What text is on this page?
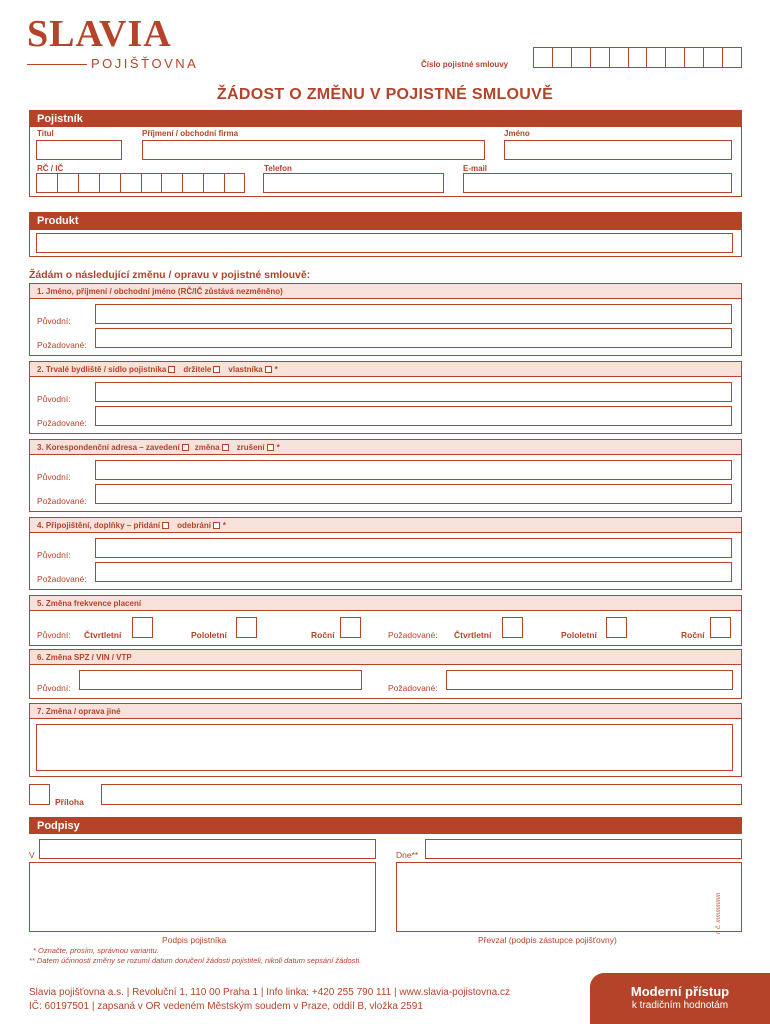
SLAVIA
POJIŠŤOVNA	Číslo pojistné smlouvy
ŽÁDOST O ZMĚNU V POJISTNÉ SMLOUVĚ
Pojistník
Titul	Příjmení / obchodní firma	Jméno
RČ / IČ	Telefon	E-mail
Produkt
Žádám o následující změnu / opravu v pojistné smlouvě:
1. Jméno, příjmení / obchodní jméno (RČ/IČ zůstává nezměněno)
Původní:
Požadované:
2. Trvalé bydliště / sídlo pojistníka držitele vlastníka *
Původní:
Požadované:
3. Korespondenční adresa – zavedení změna zrušení *
Původní:
Požadované:
4. Připojištění, doplňky – přidání odebrání *
Původní:
Požadované:
5. Změna frekvence placení
Původní: Čtvrtletní	Pololetní	Roční	Požadované: Čtvrtletní	Pololetní	Roční
6. Změna SPZ / VIN / VTP
Původní:	Požadované:
7. Změna / oprava jiné
Příloha
Podpisy
V	Dne**
Podpis pojistníka	Převzal (podpis zástupce pojišťovny)
r. č. mmmmmm
* Označte, prosím, správnou variantu.
** Datem účinnosti změny se rozumí datum doručení žádosti pojistiteli, nikoli datum sepsání žádosti.
Slavia pojišťovna a.s. | Revoluční 1, 110 00 Praha 1 | Info linka: +420 255 790 111 | www.slavia-pojistovna.cz
IČ: 60197501 | zapsaná v OR vedeném Městským soudem v Praze, oddíl B, vložka 2591
Moderní přístup
k tradičním hodnotám
